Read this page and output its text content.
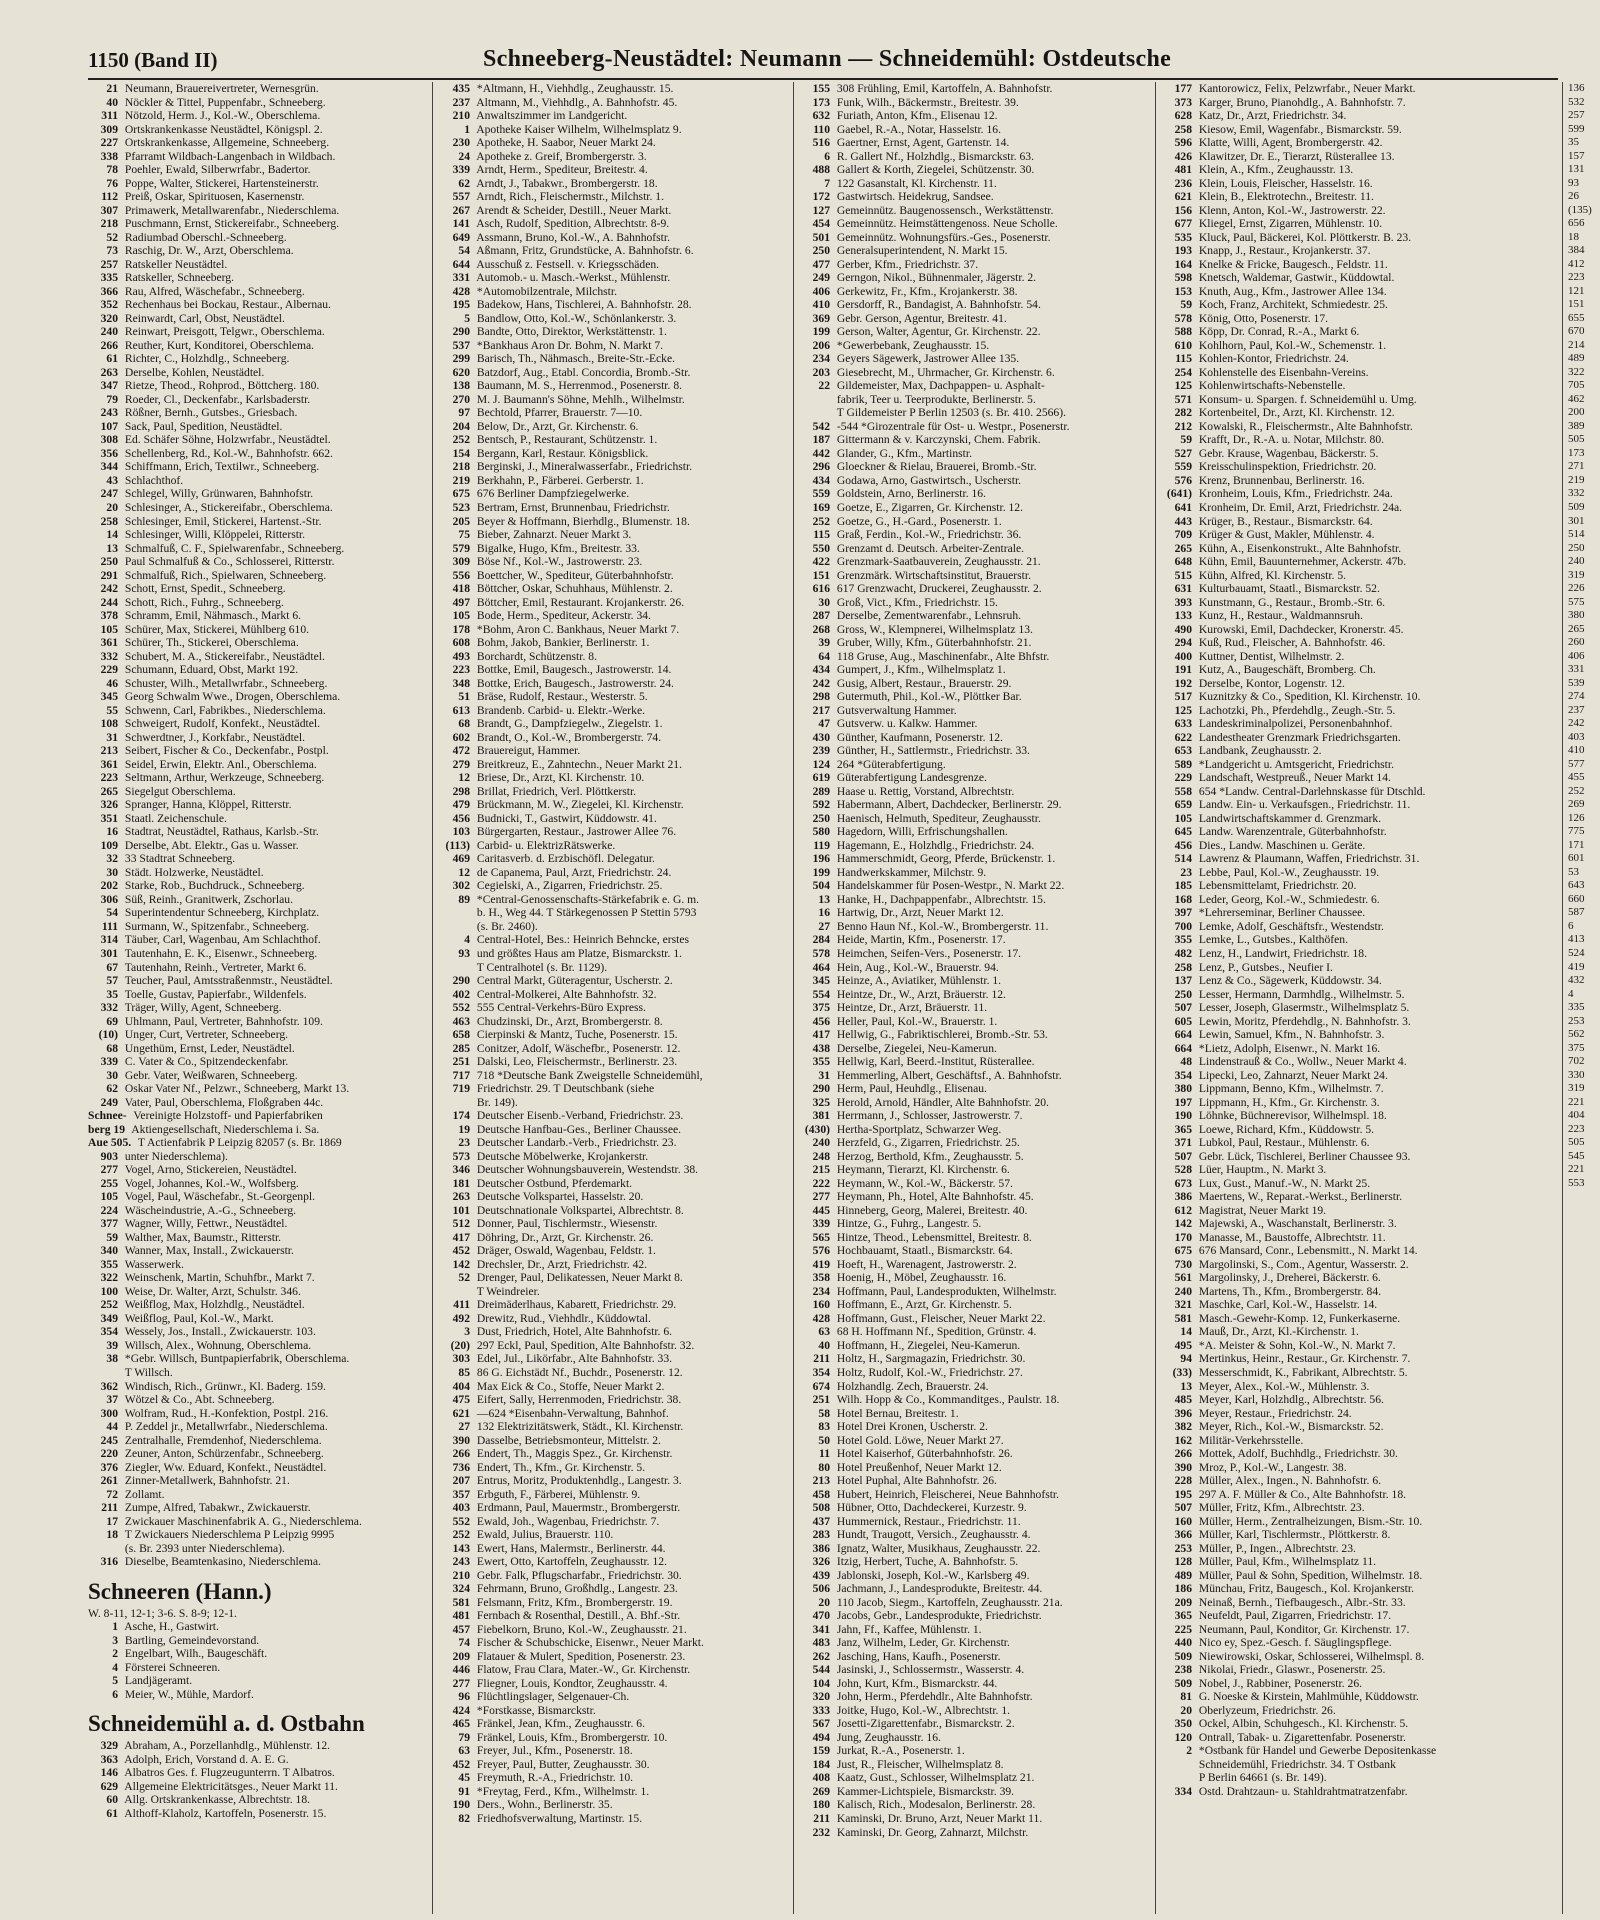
1150 (Band II)	Schneeberg-Neustädtel: Neumann — Schneidemühl: Ostdeutsche
21 Neumann, Brauereivertreter, Wernesgrün.
40 Nöckler & Tittel, Puppenfabr., Schneeberg.
311 Nötzold, Herm. J., Kol.-W., Oberschlema.
309 Ortskrankenkasse Neustädtel, Königspl. 2.
227 Ortskrankenkasse, Allgemeine, Schneeberg.
338 Pfarramt Wildbach-Langenbach in Wildbach.
78 Poehler, Ewald, Silberwrfabr., Badertor.
76 Poppe, Walter, Stickerei, Hartensteinerstr.
112 Preiß, Oskar, Spirituosen, Kasernenstr.
307 Primawerk, Metallwarenfabr., Niederschlema.
218 Puschmann, Ernst, Stickereifabr., Schneeberg.
52 Radiumbad Oberschl.-Schneeberg.
73 Raschig, Dr. W., Arzt, Oberschlema.
257 Ratskeller Neustädtel.
335 Ratskeller, Schneeberg.
366 Rau, Alfred, Wäschefabr., Schneeberg.
352 Rechenhaus bei Bockau, Restaur., Albernau.
320 Reinwardt, Carl, Obst, Neustädtel.
240 Reinwart, Preisgott, Telgwr., Oberschlema.
266 Reuther, Kurt, Konditorei, Oberschlema.
61 Richter, C., Holzhdlg., Schneeberg.
263 Derselbe, Kohlen, Neustädtel.
347 Rietze, Theod., Rohprod., Böttcherg. 180.
79 Roeder, Cl., Deckenfabr., Karlsbaderstr.
243 Rößner, Bernh., Gutsbes., Griesbach.
107 Sack, Paul, Spedition, Neustädtel.
308 Ed. Schäfer Söhne, Holzwrfabr., Neustädtel.
356 Schellenberg, Rd., Kol.-W., Bahnhofstr. 662.
344 Schiffmann, Erich, Textilwr., Schneeberg.
43 Schlachthof.
247 Schlegel, Willy, Grünwaren, Bahnhofstr.
20 Schlesinger, A., Stickereifabr., Oberschlema.
258 Schlesinger, Emil, Stickerei, Hartenst.-Str.
14 Schlesinger, Willi, Klöppelei, Ritterstr.
13 Schmalfuß, C. F., Spielwarenfabr., Schneeberg.
250 Paul Schmalfuß & Co., Schlosserei, Ritterstr.
291 Schmalfuß, Rich., Spielwaren, Schneeberg.
242 Schott, Ernst, Spedit., Schneeberg.
244 Schott, Rich., Fuhrg., Schneeberg.
378 Schramm, Emil, Nähmasch., Markt 6.
105 Schürer, Max, Stickerei, Mühlberg 610.
361 Schürer, Th., Stickerei, Oberschlema.
332 Schubert, M. A., Stickereifabr., Neustädtel.
229 Schumann, Eduard, Obst, Markt 192.
46 Schuster, Wilh., Metallwrfabr., Schneeberg.
345 Georg Schwalm Wwe., Drogen, Oberschlema.
55 Schwenn, Carl, Fabrikbes., Niederschlema.
108 Schweigert, Rudolf, Konfekt., Neustädtel.
31 Schwerdtner, J., Korkfabr., Neustädtel.
213 Seibert, Fischer & Co., Deckenfabr., Postpl.
361 Seidel, Erwin, Elektr. Anl., Oberschlema.
223 Seltmann, Arthur, Werkzeuge, Schneeberg.
265 Siegelgut Oberschlema.
326 Spranger, Hanna, Klöppel, Ritterstr.
351 Staatl. Zeichenschule.
16 Stadtrat, Neustädtel, Rathaus, Karlsb.-Str.
109 Derselbe, Abt. Elektr., Gas u. Wasser.
32 33 Stadtrat Schneeberg.
30 Städt. Holzwerke, Neustädtel.
202 Starke, Rob., Buchdruck., Schneeberg.
306 Süß, Reinh., Granitwerk, Zschorlau.
54 Superintendentur Schneeberg, Kirchplatz.
111 Surmann, W., Spitzenfabr., Schneeberg.
314 Täuber, Carl, Wagenbau, Am Schlachthof.
301 Tautenhahn, E. K., Eisenwr., Schneeberg.
67 Tautenhahn, Reinh., Vertreter, Markt 6.
57 Teucher, Paul, Amtsstraßenmstr., Neustädtel.
35 Toelle, Gustav, Papierfabr., Wildenfels.
332 Träger, Willy, Agent, Schneeberg.
69 Uhlmann, Paul, Vertreter, Bahnhofstr. 109.
(10) Unger, Curt, Vertreter, Schneeberg.
68 Ungethüm, Ernst, Leder, Neustädtel.
339 C. Vater & Co., Spitzendeckenfabr.
30 Gebr. Vater, Weißwaren, Schneeberg.
62 Oskar Vater Nf., Pelzwr., Schneeberg, Markt 13.
249 Vater, Paul, Oberschlema, Floßgraben 44c.
Schnee- Vereinigte Holzstoff- und Papierfabriken
berg 19 Aktiengesellschaft, Niederschlema i. Sa.
Aue 505. T Actienfabrik P Leipzig 82057 (s. Br. 1869
903 unter Niederschlema).
277 Vogel, Arno, Stickereien, Neustädtel.
255 Vogel, Johannes, Kol.-W., Wolfsberg.
105 Vogel, Paul, Wäschefabr., St.-Georgenpl.
224 Wäscheindustrie, A.-G., Schneeberg.
377 Wagner, Willy, Fettwr., Neustädtel.
59 Walther, Max, Baumstr., Ritterstr.
340 Wanner, Max, Install., Zwickauerstr.
355 Wasserwerk.
322 Weinschenk, Martin, Schuhfbr., Markt 7.
100 Weise, Dr. Walter, Arzt, Schulstr. 346.
252 Weißflog, Max, Holzhdlg., Neustädtel.
349 Weißflog, Paul, Kol.-W., Markt.
354 Wessely, Jos., Install., Zwickauerstr. 103.
39 Willsch, Alex., Wohnung, Oberschlema.
38 *Gebr. Willsch, Buntpapierfabrik, Oberschlema.
T Willsch.
362 Windisch, Rich., Grünwr., Kl. Baderg. 159.
37 Wötzel & Co., Abt. Schneeberg.
300 Wolfram, Rud., H.-Konfektion, Postpl. 216.
44 P. Zeddel jr., Metallwrfabr., Niederschlema.
245 Zentralhalle, Fremdenhof, Niederschlema.
220 Zeuner, Anton, Schürzenfabr., Schneeberg.
376 Ziegler, Ww. Eduard, Konfekt., Neustädtel.
261 Zinner-Metallwerk, Bahnhofstr. 21.
72 Zollamt.
211 Zumpe, Alfred, Tabakwr., Zwickauerstr.
17 Zwickauer Maschinenfabrik A. G., Niederschlema.
18 T Zwickauers Niederschlema P Leipzig 9995
(s. Br. 2393 unter Niederschlema).
316 Dieselbe, Beamtenkasino, Niederschlema.
Schneeren (Hann.)
W. 8-11, 12-1; 3-6. S. 8-9; 12-1.
1 Asche, H., Gastwirt.
3 Bartling, Gemeindevorstand.
2 Engelbart, Wilh., Baugeschäft.
4 Försterei Schneeren.
5 Landjägeramt.
6 Meier, W., Mühle, Mardorf.
Schneidemühl a. d. Ostbahn
329 Abraham, A., Porzellanhdlg., Mühlenstr. 12.
363 Adolph, Erich, Vorstand d. A. E. G.
146 Albatros Ges. f. Flugzeugunterrn. T Albatros.
629 Allgemeine Elektricitätsges., Neuer Markt 11.
60 Allg. Ortskrankenkasse, Albrechtstr. 18.
61 Althoff-Klaholz, Kartoffeln, Posenerstr. 15.
435 *Altmann, H., Viehhdlg., Zeughausstr. 15.
237 Altmann, M., Viehhdlg., A. Bahnhofstr. 45.
210 Anwaltszimmer im Landgericht.
1 Apotheke Kaiser Wilhelm, Wilhelmsplatz 9.
230 Apotheke, H. Saabor, Neuer Markt 24.
24 Apotheke z. Greif, Brombergerstr. 3.
339 Arndt, Herm., Spediteur, Breitestr. 4.
62 Arndt, J., Tabakwr., Brombergerstr. 18.
557 Arndt, Rich., Fleischermstr., Milchstr. 1.
267 Arendt & Scheider, Destill., Neuer Markt.
141 Asch, Rudolf, Spedition, Albrechtstr. 8-9.
649 Assmann, Bruno, Kol.-W., A. Bahnhofstr.
54 Aßmann, Fritz, Grundstücke, A. Bahnhofstr. 6.
644 Ausschuß z. Festsell. v. Kriegsschäden.
331 Automob.- u. Masch.-Werkst., Mühlenstr.
428 *Automobilzentrale, Milchstr.
195 Badekow, Hans, Tischlerei, A. Bahnhofstr. 28.
5 Bandlow, Otto, Kol.-W., Schönlankerstr. 3.
290 Bandte, Otto, Direktor, Werkstättenstr. 1.
537 *Bankhaus Aron Dr. Bohm, N. Markt 7.
299 Barisch, Th., Nähmasch., Breite-Str.-Ecke.
620 Batzdorf, Aug., Etabl. Concordia, Bromb.-Str.
138 Baumann, M. S., Herrenmod., Posenerstr. 8.
270 M. J. Baumann's Söhne, Mehlh., Wilhelmstr.
97 Bechtold, Pfarrer, Brauerstr. 7—10.
204 Below, Dr., Arzt, Gr. Kirchenstr. 6.
252 Bentsch, P., Restaurant, Schützenstr. 1.
154 Bergann, Karl, Restaur. Königsblick.
218 Berginski, J., Mineralwasserfabr., Friedrichstr.
219 Berkhahn, P., Färberei. Gerberstr. 1.
675 676 Berliner Dampfziegelwerke.
523 Bertram, Ernst, Brunnenbau, Friedrichstr.
205 Beyer & Hoffmann, Bierhdlg., Blumenstr. 18.
75 Bieber, Zahnarzt. Neuer Markt 3.
579 Bigalke, Hugo, Kfm., Breitestr. 33.
309 Böse Nf., Kol.-W., Jastrowerstr. 23.
556 Boettcher, W., Spediteur, Güterbahnhofstr.
418 Böttcher, Oskar, Schuhhaus, Mühlenstr. 2.
497 Böttcher, Emil, Restaurant. Krojankerstr. 26.
105 Bode, Herm., Spediteur, Ackerstr. 34.
178 *Bohm, Aron C. Bankhaus, Neuer Markt 7.
608 Bohm, Jakob, Bankier, Berlinerstr. 1.
493 Borchardt, Schützenstr. 8.
223 Bottke, Emil, Baugesch., Jastrowerstr. 14.
348 Bottke, Erich, Baugesch., Jastrowerstr. 24.
51 Bräse, Rudolf, Restaur., Westerstr. 5.
613 Brandenb. Carbid- u. Elektr.-Werke.
68 Brandt, G., Dampfziegelw., Ziegelstr. 1.
602 Brandt, O., Kol.-W., Brombergerstr. 74.
472 Brauereigut, Hammer.
279 Breitkreuz, E., Zahntechn., Neuer Markt 21.
12 Briese, Dr., Arzt, Kl. Kirchenstr. 10.
298 Brillat, Friedrich, Verl. Plöttkerstr.
479 Brückmann, M. W., Ziegelei, Kl. Kirchenstr.
456 Budnicki, T., Gastwirt, Küddowstr. 41.
103 Bürgergarten, Restaur., Jastrower Allee 76.
(113) Carbid- u. ElektrizRätswerke.
469 Caritasverb. d. Erzbischöfl. Delegatur.
12 de Capanema, Paul, Arzt, Friedrichstr. 24.
302 Cegielski, A., Zigarren, Friedrichstr. 25.
89 *Central-Genossenschafts-Stärkefabrik e. G. m.
b. H., Weg 44. T Stärkegenossen P Stettin 5793
(s. Br. 2460).
4 Central-Hotel, Bes.: Heinrich Behncke, erstes
93 und größtes Haus am Platze, Bismarckstr. 1.
T Centralhotel (s. Br. 1129).
290 Central Markt, Güteragentur, Uscherstr. 2.
402 Central-Molkerei, Alte Bahnhofstr. 32.
552 555 Central-Verkehrs-Büro Express.
463 Chudzinski, Dr., Arzt, Brombergerstr. 8.
658 Cierpinski & Mantz, Tuche, Posenerstr. 15.
285 Conitzer, Adolf, Wäschefbr., Posenerstr. 12.
251 Dalski, Leo, Fleischermstr., Berlinerstr. 23.
717 718 *Deutsche Bank Zweigstelle Schneidemühl,
719 Friedrichstr. 29. T Deutschbank (siehe
Br. 149).
174 Deutscher Eisenb.-Verband, Friedrichstr. 23.
19 Deutsche Hanfbau-Ges., Berliner Chaussee.
23 Deutscher Landarb.-Verb., Friedrichstr. 23.
573 Deutsche Möbelwerke, Krojankerstr.
346 Deutscher Wohnungsbauverein, Westendstr. 38.
181 Deutscher Ostbund, Pferdemarkt.
263 Deutsche Volkspartei, Hasselstr. 20.
101 Deutschnationale Volkspartei, Albrechtstr. 8.
512 Donner, Paul, Tischlermstr., Wiesenstr.
417 Döhring, Dr., Arzt, Gr. Kirchenstr. 26.
452 Dräger, Oswald, Wagenbau, Feldstr. 1.
142 Drechsler, Dr., Arzt, Friedrichstr. 42.
52 Drenger, Paul, Delikatessen, Neuer Markt 8.
T Weindreier.
411 Dreimäderlhaus, Kabarett, Friedrichstr. 29.
492 Drewitz, Rud., Viehhdlr., Küddowtal.
3 Dust, Friedrich, Hotel, Alte Bahnhofstr. 6.
(20) 297 Eckl, Paul, Spedition, Alte Bahnhofstr. 32.
303 Edel, Jul., Likörfabr., Alte Bahnhofstr. 33.
85 86 G. Eichstädt Nf., Buchdr., Posenerstr. 12.
404 Max Eick & Co., Stoffe, Neuer Markt 2.
475 Eifert, Sally, Herrenmoden, Friedrichstr. 38.
621 —624 *Eisenbahn-Verwaltung, Bahnhof.
27 132 Elektrizitätswerk, Städt., Kl. Kirchenstr.
390 Dasselbe, Betriebsmonteur, Mittelstr. 2.
266 Endert, Th., Maggis Spez., Gr. Kirchenstr.
736 Endert, Th., Kfm., Gr. Kirchenstr. 5.
207 Entrus, Moritz, Produktenhdlg., Langestr. 3.
357 Erbguth, F., Färberei, Mühlenstr. 9.
403 Erdmann, Paul, Mauermstr., Brombergerstr.
552 Ewald, Joh., Wagenbau, Friedrichstr. 7.
252 Ewald, Julius, Brauerstr. 110.
143 Ewert, Hans, Malermstr., Berlinerstr. 44.
243 Ewert, Otto, Kartoffeln, Zeughausstr. 12.
210 Gebr. Falk, Pflugscharfabr., Friedrichstr. 30.
324 Fehrmann, Bruno, Großhdlg., Langestr. 23.
581 Felsmann, Fritz, Kfm., Brombergerstr. 19.
481 Fernbach & Rosenthal, Destill., A. Bhf.-Str.
457 Fiebelkorn, Bruno, Kol.-W., Zeughausstr. 21.
74 Fischer & Schubschicke, Eisenwr., Neuer Markt.
209 Flatauer & Mulert, Spedition, Posenerstr. 23.
446 Flatow, Frau Clara, Mater.-W., Gr. Kirchenstr.
277 Fliegner, Louis, Kondtor, Zeughausstr. 4.
96 Flüchtlingslager, Selgenauer-Ch.
424 *Forstkasse, Bismarckstr.
465 Fränkel, Jean, Kfm., Zeughausstr. 6.
79 Fränkel, Louis, Kfm., Brombergerstr. 10.
63 Freyer, Jul., Kfm., Posenerstr. 18.
452 Freyer, Paul, Butter, Zeughausstr. 30.
45 Freymuth, R.-A., Friedrichstr. 10.
91 *Freytag, Ferd., Kfm., Wilhelmstr. 1.
190 Ders., Wohn., Berlinerstr. 35.
82 Friedhofsverwaltung, Martinstr. 15.
155 308 Frühling, Emil, Kartoffeln, A. Bahnhofstr.
173 Funk, Wilh., Bäckermstr., Breitestr. 39.
632 Furiath, Anton, Kfm., Elisenau 12.
110 Gaebel, R.-A., Notar, Hasselstr. 16.
516 Gaertner, Ernst, Agent, Gartenstr. 14.
6 R. Gallert Nf., Holzhdlg., Bismarckstr. 63.
488 Gallert & Korth, Ziegelei, Schützenstr. 30.
7 122 Gasanstalt, Kl. Kirchenstr. 11.
172 Gastwirtsch. Heidekrug, Sandsee.
127 Gemeinnütz. Baugenossensch., Werkstättenstr.
454 Gemeinnütz. Heimstättengenoss. Neue Scholle.
501 Gemeinnütz. Wohnungsfürs.-Ges., Posenerstr.
250 Generalsuperintendent, N. Markt 15.
477 Gerber, Kfm., Friedrichstr. 37.
249 Gerngon, Nikol., Bühnenmaler, Jägerstr. 2.
406 Gerkewitz, Fr., Kfm., Krojankerstr. 38.
410 Gersdorff, R., Bandagist, A. Bahnhofstr. 54.
369 Gebr. Gerson, Agentur, Breitestr. 41.
199 Gerson, Walter, Agentur, Gr. Kirchenstr. 22.
206 *Gewerbebank, Zeughausstr. 15.
234 Geyers Sägewerk, Jastrower Allee 135.
203 Giesebrecht, M., Uhrmacher, Gr. Kirchenstr. 6.
22 Gildemeister, Max, Dachpappen- u. Asphalt-
fabrik, Teer u. Teerprodukte, Berlinerstr. 5.
T Gildemeister P Berlin 12503 (s. Br. 410. 2566).
542 -544 *Girozentrale für Ost- u. Westpr., Posenerstr.
187 Gittermann & v. Karczynski, Chem. Fabrik.
442 Glander, G., Kfm., Martinstr.
296 Gloeckner & Rielau, Brauerei, Bromb.-Str.
434 Godawa, Arno, Gastwirtsch., Uscherstr.
559 Goldstein, Arno, Berlinerstr. 16.
169 Goetze, E., Zigarren, Gr. Kirchenstr. 12.
252 Goetze, G., H.-Gard., Posenerstr. 1.
115 Graß, Ferdin., Kol.-W., Friedrichstr. 36.
550 Grenzamt d. Deutsch. Arbeiter-Zentrale.
422 Grenzmark-Saatbauverein, Zeughausstr. 21.
151 Grenzmärk. Wirtschaftsinstitut, Brauerstr.
616 617 Grenzwacht, Druckerei, Zeughausstr. 2.
30 Groß, Vict., Kfm., Friedrichstr. 15.
287 Derselbe, Zementwarenfabr., Lehnsruh.
268 Gross, W., Klempnerei, Wilhelmsplatz 13.
39 Gruber, Willy, Kfm., Güterbahnhofstr. 21.
64 118 Gruse, Aug., Maschinenfabr., Alte Bhfstr.
434 Gumpert, J., Kfm., Wilhelmsplatz 1.
242 Gusig, Albert, Restaur., Brauerstr. 29.
298 Gutermuth, Phil., Kol.-W., Plöttker Bar.
217 Gutsverwaltung Hammer.
47 Gutsverw. u. Kalkw. Hammer.
430 Günther, Kaufmann, Posenerstr. 12.
239 Günther, H., Sattlermstr., Friedrichstr. 33.
124 264 *Güterabfertigung.
619 Güterabfertigung Landesgrenze.
289 Haase u. Rettig, Vorstand, Albrechtstr.
592 Habermann, Albert, Dachdecker, Berlinerstr. 29.
250 Haenisch, Helmuth, Spediteur, Zeughausstr.
580 Hagedorn, Willi, Erfrischungshallen.
119 Hagemann, E., Holzhdlg., Friedrichstr. 24.
196 Hammerschmidt, Georg, Pferde, Brückenstr. 1.
199 Handwerkskammer, Milchstr. 9.
504 Handelskammer für Posen-Westpr., N. Markt 22.
13 Hanke, H., Dachpappenfabr., Albrechtstr. 15.
16 Hartwig, Dr., Arzt, Neuer Markt 12.
27 Benno Haun Nf., Kol.-W., Brombergerstr. 11.
284 Heide, Martin, Kfm., Posenerstr. 17.
578 Heimchen, Seifen-Vers., Posenerstr. 17.
464 Hein, Aug., Kol.-W., Brauerstr. 94.
345 Heinze, A., Aviatiker, Mühlenstr. 1.
554 Heintze, Dr., W., Arzt, Bräuerstr. 12.
375 Heintze, Dr., Arzt, Bräuerstr. 11.
456 Heller, Paul, Kol.-W., Brauerstr. 1.
417 Hellwig, G., Fabriktischlerei, Bromb.-Str. 53.
438 Derselbe, Ziegelei, Neu-Kamerun.
355 Hellwig, Karl, Beerd.-Institut, Rüsterallee.
31 Hemmerling, Albert, Geschäftsf., A. Bahnhofstr.
290 Herm, Paul, Heuhdlg., Elisenau.
325 Herold, Arnold, Händler, Alte Bahnhofstr. 20.
381 Herrmann, J., Schlosser, Jastrowerstr. 7.
(430) Hertha-Sportplatz, Schwarzer Weg.
240 Herzfeld, G., Zigarren, Friedrichstr. 25.
248 Herzog, Berthold, Kfm., Zeughausstr. 5.
215 Heymann, Tierarzt, Kl. Kirchenstr. 6.
222 Heymann, W., Kol.-W., Bäckerstr. 57.
277 Heymann, Ph., Hotel, Alte Bahnhofstr. 45.
445 Hinneberg, Georg, Malerei, Breitestr. 40.
339 Hintze, G., Fuhrg., Langestr. 5.
565 Hintze, Theod., Lebensmittel, Breitestr. 8.
576 Hochbauamt, Staatl., Bismarckstr. 64.
419 Hoeft, H., Warenagent, Jastrowerstr. 2.
358 Hoenig, H., Möbel, Zeughausstr. 16.
234 Hoffmann, Paul, Landesprodukten, Wilhelmstr.
160 Hoffmann, E., Arzt, Gr. Kirchenstr. 5.
428 Hoffmann, Gust., Fleischer, Neuer Markt 22.
63 68 H. Hoffmann Nf., Spedition, Grünstr. 4.
40 Hoffmann, H., Ziegelei, Neu-Kamerun.
211 Holtz, H., Sargmagazin, Friedrichstr. 30.
354 Holtz, Rudolf, Kol.-W., Friedrichstr. 27.
674 Holzhandlg. Zech, Brauerstr. 24.
251 Wilh. Hopp & Co., Kommanditges., Paulstr. 18.
58 Hotel Bernau, Breitestr. 1.
83 Hotel Drei Kronen, Uscherstr. 2.
50 Hotel Gold. Löwe, Neuer Markt 27.
11 Hotel Kaiserhof, Güterbahnhofstr. 26.
80 Hotel Preußenhof, Neuer Markt 12.
213 Hotel Puphal, Alte Bahnhofstr. 26.
458 Hubert, Heinrich, Fleischerei, Neue Bahnhofstr.
508 Hübner, Otto, Dachdeckerei, Kurzestr. 9.
437 Hummernick, Restaur., Friedrichstr. 11.
283 Hundt, Traugott, Versich., Zeughausstr. 4.
386 Ignatz, Walter, Musikhaus, Zeughausstr. 22.
326 Itzig, Herbert, Tuche, A. Bahnhofstr. 5.
439 Jablonski, Joseph, Kol.-W., Karlsberg 49.
506 Jachmann, J., Landesprodukte, Breitestr. 44.
20 110 Jacob, Siegm., Kartoffeln, Zeughausstr. 21a.
470 Jacobs, Gebr., Landesprodukte, Friedrichstr.
341 Jahn, Ff., Kaffee, Mühlenstr. 1.
483 Janz, Wilhelm, Leder, Gr. Kirchenstr.
262 Jasching, Hans, Kaufh., Posenerstr.
544 Jasinski, J., Schlossermstr., Wasserstr. 4.
104 John, Kurt, Kfm., Bismarckstr. 44.
320 John, Herm., Pferdehdlr., Alte Bahnhofstr.
333 Joitke, Hugo, Kol.-W., Albrechtstr. 1.
567 Josetti-Zigarettenfabr., Bismarckstr. 2.
494 Jung, Zeughausstr. 16.
159 Jurkat, R.-A., Posenerstr. 1.
184 Just, R., Fleischer, Wilhelmsplatz 8.
408 Kaatz, Gust., Schlosser, Wilhelmsplatz 21.
269 Kammer-Lichtspiele, Bismarckstr. 39.
180 Kalisch, Rich., Modesalon, Berlinerstr. 28.
211 Kaminski, Dr. Bruno, Arzt, Neuer Markt 11.
232 Kaminski, Dr. Georg, Zahnarzt, Milchstr.
177 Kantorowicz, Felix, Pelzwrfabr., Neuer Markt.
373 Karger, Bruno, Pianohdlg., A. Bahnhofstr. 7.
628 Katz, Dr., Arzt, Friedrichstr. 34.
258 Kiesow, Emil, Wagenfabr., Bismarckstr. 59.
596 Klatte, Willi, Agent, Brombergerstr. 42.
426 Klawitzer, Dr. E., Tierarzt, Rüsterallee 13.
481 Klein, A., Kfm., Zeughausstr. 13.
236 Klein, Louis, Fleischer, Hasselstr. 16.
621 Klein, B., Elektrotechn., Breitestr. 11.
156 Klenn, Anton, Kol.-W., Jastrowerstr. 22.
677 Kliegel, Ernst, Zigarren, Mühlenstr. 10.
535 Kluck, Paul, Bäckerei, Kol. Plöttkerstr. B. 23.
193 Knapp, J., Restaur., Krojankerstr. 37.
164 Knelke & Fricke, Baugesch., Feldstr. 11.
598 Knetsch, Waldemar, Gastwir., Küddowtal.
153 Knuth, Aug., Kfm., Jastrower Allee 134.
59 Koch, Franz, Architekt, Schmiedestr. 25.
578 König, Otto, Posenerstr. 17.
588 Köpp, Dr. Conrad, R.-A., Markt 6.
610 Kohlhorn, Paul, Kol.-W., Schemenstr. 1.
115 Kohlen-Kontor, Friedrichstr. 24.
254 Kohlenstelle des Eisenbahn-Vereins.
125 Kohlenwirtschafts-Nebenstelle.
571 Konsum- u. Spargen. f. Schneidemühl u. Umg.
282 Kortenbeitel, Dr., Arzt, Kl. Kirchenstr. 12.
212 Kowalski, R., Fleischermstr., Alte Bahnhofstr.
59 Krafft, Dr., R.-A. u. Notar, Milchstr. 80.
527 Gebr. Krause, Wagenbau, Bäckerstr. 5.
559 Kreisschulinspektion, Friedrichstr. 20.
576 Krenz, Brunnenbau, Berlinerstr. 16.
(641) Kronheim, Louis, Kfm., Friedrichstr. 24a.
641 Kronheim, Dr. Emil, Arzt, Friedrichstr. 24a.
443 Krüger, B., Restaur., Bismarckstr. 64.
709 Krüger & Gust, Makler, Mühlenstr. 4.
265 Kühn, A., Eisenkonstrukt., Alte Bahnhofstr.
648 Kühn, Emil, Bauunternehmer, Ackerstr. 47b.
515 Kühn, Alfred, Kl. Kirchenstr. 5.
631 Kulturbauamt, Staatl., Bismarckstr. 52.
393 Kunstmann, G., Restaur., Bromb.-Str. 6.
133 Kunz, H., Restaur., Waldmannsruh.
490 Kurowski, Emil, Dachdecker, Kronerstr. 45.
294 Kuß, Rud., Fleischer, A. Bahnhofstr. 46.
400 Kuttner, Dentist, Wilhelmstr. 2.
191 Kutz, A., Baugeschäft, Bromberg. Ch.
192 Derselbe, Kontor, Logenstr. 12.
517 Kuznitzky & Co., Spedition, Kl. Kirchenstr. 10.
125 Lachotzki, Ph., Pferdehdlg., Zeugh.-Str. 5.
633 Landeskriminalpolizei, Personenbahnhof.
622 Landestheater Grenzmark Friedrichsgarten.
653 Landbank, Zeughausstr. 2.
589 *Landgericht u. Amtsgericht, Friedrichstr.
229 Landschaft, Westpreuß., Neuer Markt 14.
558 654 *Landw. Central-Darlehnskasse für Dtschld.
659 Landw. Ein- u. Verkaufsgen., Friedrichstr. 11.
105 Landwirtschaftskammer d. Grenzmark.
645 Landw. Warenzentrale, Güterbahnhofstr.
456 Dies., Landw. Maschinen u. Geräte.
514 Lawrenz & Plaumann, Waffen, Friedrichstr. 31.
23 Lebbe, Paul, Kol.-W., Zeughausstr. 19.
185 Lebensmittelamt, Friedrichstr. 20.
168 Leder, Georg, Kol.-W., Schmiedestr. 6.
397 *Lehrerseminar, Berliner Chaussee.
700 Lemke, Adolf, Geschäftsfr., Westendstr.
355 Lemke, L., Gutsbes., Kalthöfen.
482 Lenz, H., Landwirt, Friedrichstr. 18.
258 Lenz, P., Gutsbes., Neufier I.
137 Lenz & Co., Sägewerk, Küddowstr. 34.
250 Lesser, Hermann, Darmhdlg., Wilhelmstr. 5.
507 Lesser, Joseph, Glasermstr., Wilhelmsplatz 5.
605 Lewin, Moritz, Pferdehdlg., N. Bahnhofstr. 3.
664 Lewin, Samuel, Kfm., N. Bahnhofstr. 3.
664 *Lietz, Adolph, Eisenwr., N. Markt 16.
48 Lindenstrauß & Co., Wollw., Neuer Markt 4.
354 Lipecki, Leo, Zahnarzt, Neuer Markt 24.
380 Lippmann, Benno, Kfm., Wilhelmstr. 7.
197 Lippmann, H., Kfm., Gr. Kirchenstr. 3.
190 Löhnke, Büchnerevisor, Wilhelmspl. 18.
365 Loewe, Richard, Kfm., Küddowstr. 5.
371 Lubkol, Paul, Restaur., Mühlenstr. 6.
507 Gebr. Lück, Tischlerei, Berliner Chaussee 93.
528 Lüer, Hauptm., N. Markt 3.
673 Lux, Gust., Manuf.-W., N. Markt 25.
386 Maertens, W., Reparat.-Werkst., Berlinerstr.
612 Magistrat, Neuer Markt 19.
142 Majewski, A., Waschanstalt, Berlinerstr. 3.
170 Manasse, M., Baustoffe, Albrechtstr. 11.
675 676 Mansard, Conr., Lebensmitt., N. Markt 14.
730 Margolinski, S., Com., Agentur, Wasserstr. 2.
561 Margolinsky, J., Dreherei, Bäckerstr. 6.
240 Martens, Th., Kfm., Brombergerstr. 84.
321 Maschke, Carl, Kol.-W., Hasselstr. 14.
581 Masch.-Gewehr-Komp. 12, Funkerkaserne.
14 Mauß, Dr., Arzt, Kl.-Kirchenstr. 1.
495 *A. Meister & Sohn, Kol.-W., N. Markt 7.
94 Mertinkus, Heinr., Restaur., Gr. Kirchenstr. 7.
(33) Messerschmidt, K., Fabrikant, Albrechtstr. 5.
13 Meyer, Alex., Kol.-W., Mühlenstr. 3.
485 Meyer, Karl, Holzhdlg., Albrechtstr. 56.
396 Meyer, Restaur., Friedrichstr. 24.
382 Meyer, Rich., Kol.-W., Bismarckstr. 52.
162 Militär-Verkehrsstelle.
266 Mottek, Adolf, Buchhdlg., Friedrichstr. 30.
390 Mroz, P., Kol.-W., Langestr. 38.
228 Müller, Alex., Ingen., N. Bahnhofstr. 6.
195 297 A. F. Müller & Co., Alte Bahnhofstr. 18.
507 Müller, Fritz, Kfm., Albrechtstr. 23.
160 Müller, Herm., Zentralheizungen, Bism.-Str. 10.
366 Müller, Karl, Tischlermstr., Plöttkerstr. 8.
253 Müller, P., Ingen., Albrechtstr. 23.
128 Müller, Paul, Kfm., Wilhelmsplatz 11.
489 Müller, Paul & Sohn, Spedition, Wilhelmstr. 18.
186 Münchau, Fritz, Baugesch., Kol. Krojankerstr.
209 Neinaß, Bernh., Tiefbaugesch., Albr.-Str. 33.
365 Neufeldt, Paul, Zigarren, Friedrichstr. 17.
225 Neumann, Paul, Konditor, Gr. Kirchenstr. 17.
440 Nico ey, Spez.-Gesch. f. Säuglingspflege.
509 Niewirowski, Oskar, Schlosserei, Wilhelmspl. 8.
238 Nikolai, Friedr., Glaswr., Posenerstr. 25.
509 Nobel, J., Rabbiner, Posenerstr. 26.
81 G. Noeske & Kirstein, Mahlmühle, Küddowstr.
20 Oberlyzeum, Friedrichstr. 26.
350 Ockel, Albin, Schuhgesch., Kl. Kirchenstr. 5.
120 Ontrall, Tabak- u. Zigarettenfabr. Posenerstr.
2 *Ostbank für Handel und Gewerbe Depositenkasse
Schneidemühl, Friedrichstr. 34. T Ostbank
P Berlin 64661 (s. Br. 149).
334 Ostd. Drahtzaun- u. Stahldrahtmatratzenfabr.
136
532
257
599
35
157
131
93
26
(135)
656
18
384
412
223
121
151
655
670
214
489
322
705
462
200
389
505
173
271
219
332
509
301
514
250
240
319
226
575
380
265
260
406
331
539
274
237
242
403
410
577
455
252
269
126
775
171
601
53
643
660
587
6
413
524
419
432
4
335
253
562
375
702
330
319
221
404
223
505
545
221
553
